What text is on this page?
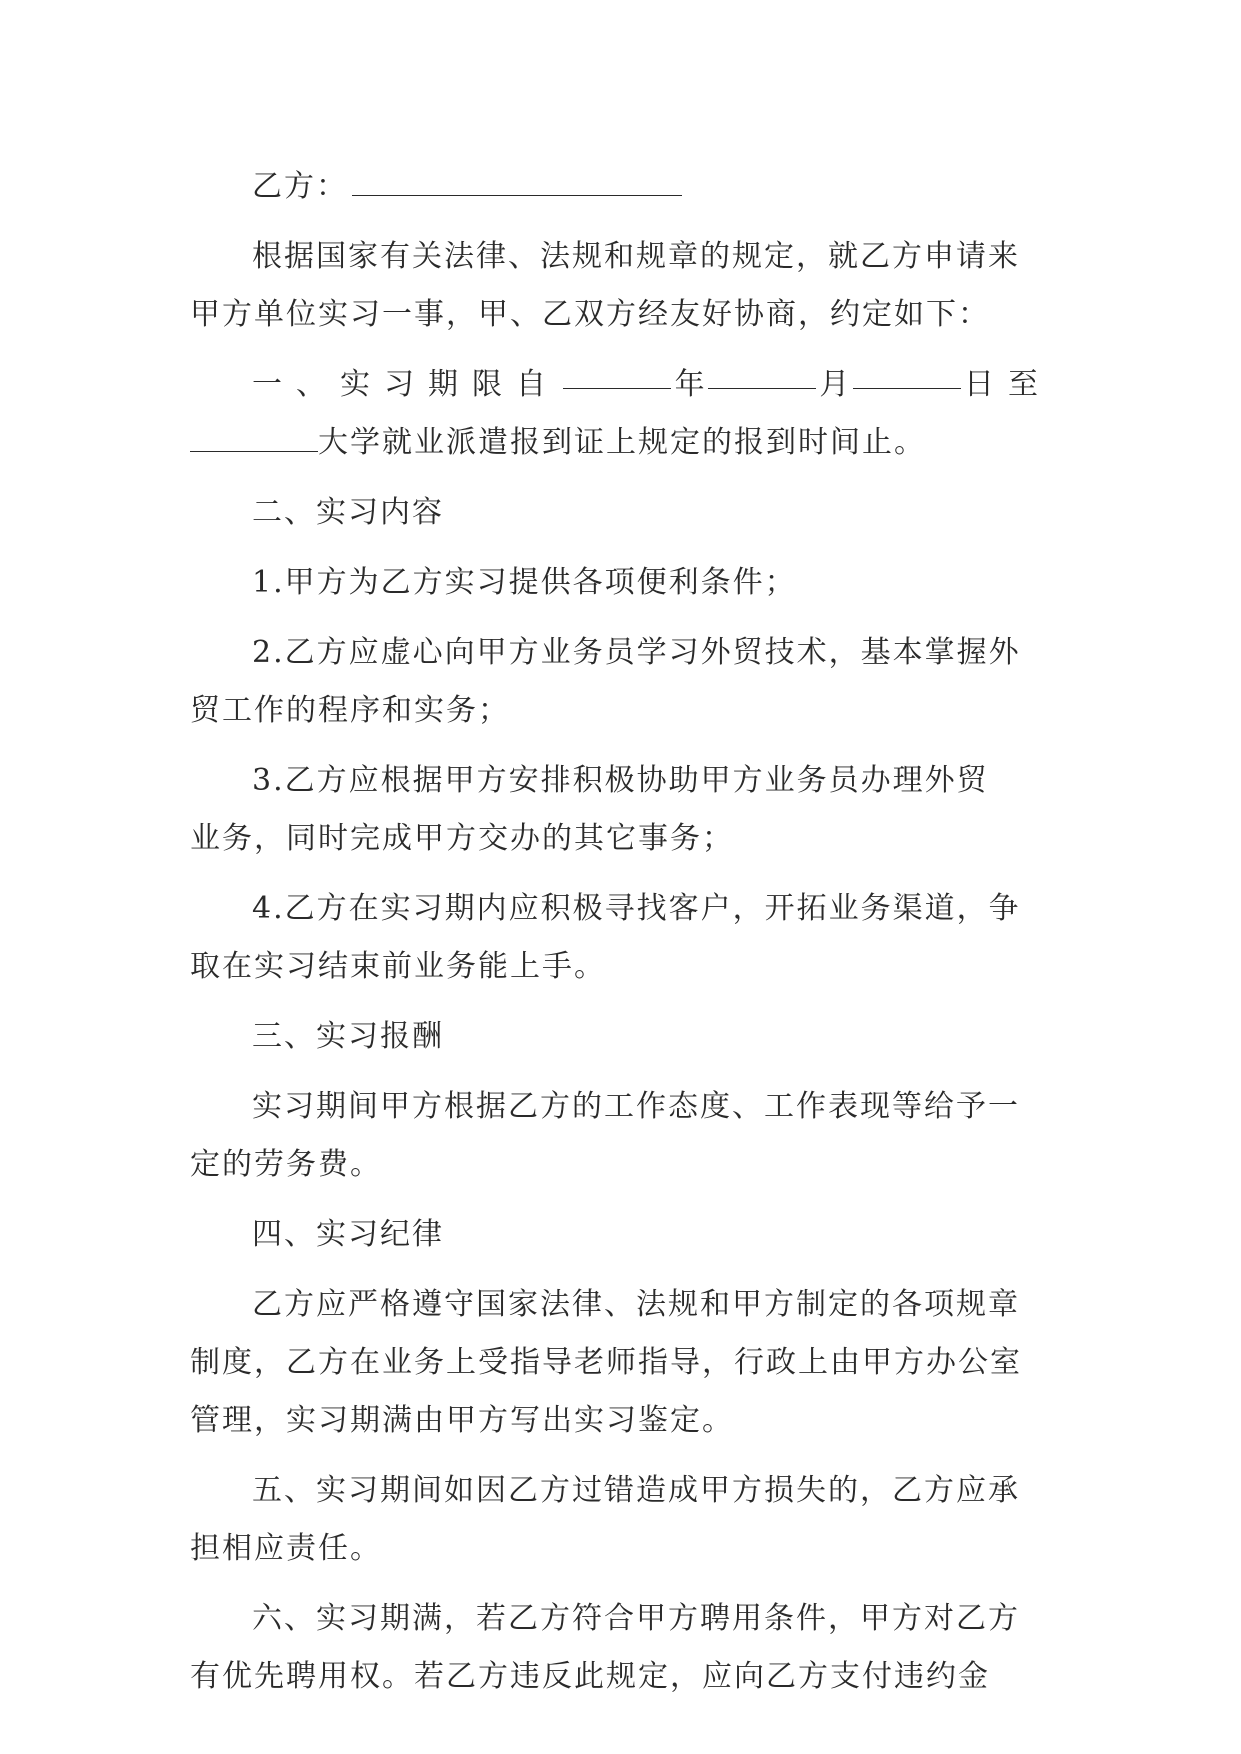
乙方：
根据国家有关法律、法规和规章的规定，就乙方申请来
甲方单位实习一事，甲、乙双方经友好协商，约定如下：
一、实习期限自	年	月	日至
大学就业派遣报到证上规定的报到时间止。
二、实习内容
1.甲方为乙方实习提供各项便利条件；
2.乙方应虚心向甲方业务员学习外贸技术，基本掌握外
贸工作的程序和实务；
3.乙方应根据甲方安排积极协助甲方业务员办理外贸
业务，同时完成甲方交办的其它事务；
4.乙方在实习期内应积极寻找客户，开拓业务渠道，争
取在实习结束前业务能上手。
三、实习报酬
实习期间甲方根据乙方的工作态度、工作表现等给予一
定的劳务费。
四、实习纪律
乙方应严格遵守国家法律、法规和甲方制定的各项规章
制度，乙方在业务上受指导老师指导，行政上由甲方办公室
管理，实习期满由甲方写出实习鉴定。
五、实习期间如因乙方过错造成甲方损失的，乙方应承
担相应责任。
六、实习期满，若乙方符合甲方聘用条件，甲方对乙方
有优先聘用权。若乙方违反此规定，应向乙方支付违约金
